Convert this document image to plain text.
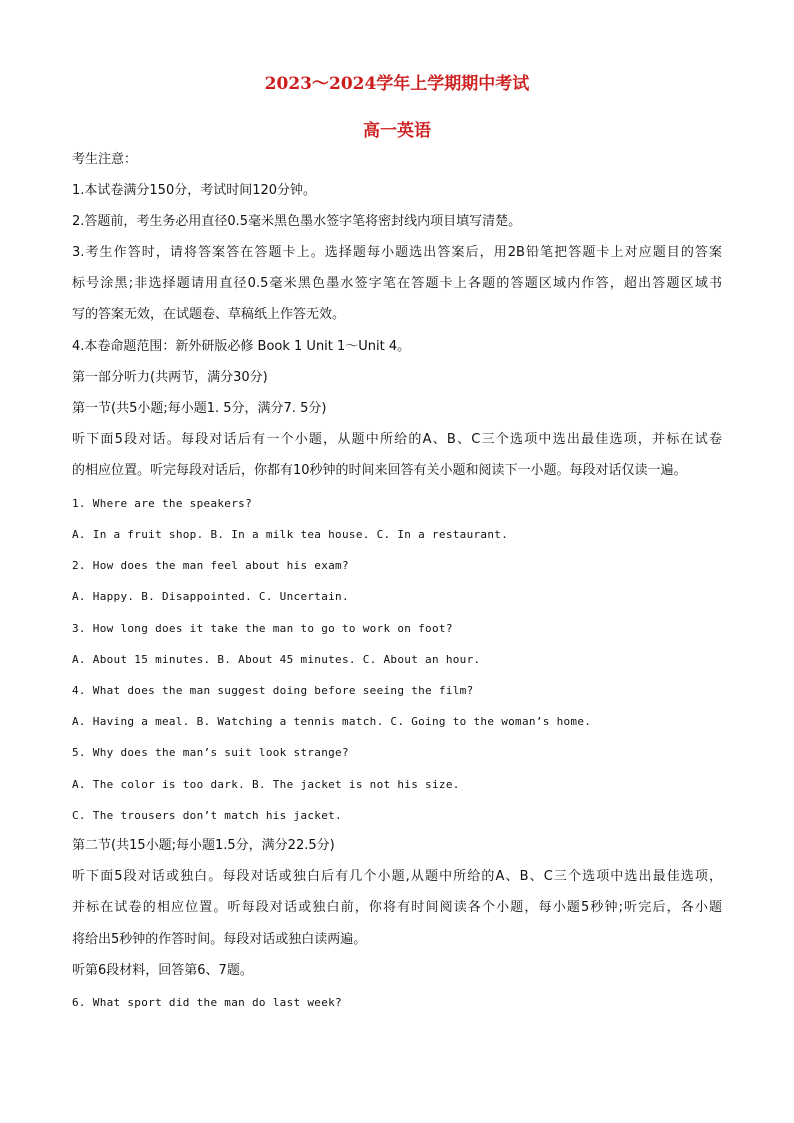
2023～2024学年上学期期中考试
高一英语
考生注意：
1.本试卷满分150分，考试时间120分钟。
2.答题前，考生务必用直径0.5毫米黑色墨水签字笔将密封线内项目填写清楚。
3.考生作答时，请将答案答在答题卡上。选择题每小题选出答案后，用2B铅笔把答题卡上对应题目的答案
标号涂黑;非选择题请用直径0.5毫米黑色墨水签字笔在答题卡上各题的答题区域内作答，超出答题区域书
写的答案无效，在试题卷、草稿纸上作答无效。
4.本卷命题范围：新外研版必修 Book 1 Unit 1～Unit 4。
第一部分听力(共两节，满分30分)
第一节(共5小题;每小题1. 5分，满分7. 5分)
听下面5段对话。每段对话后有一个小题，从题中所给的A、B、C三个选项中选出最佳选项，并标在试卷
的相应位置。听完每段对话后，你都有10秒钟的时间来回答有关小题和阅读下一小题。每段对话仅读一遍。
1. Where are the speakers?
A. In a fruit shop. B. In a milk tea house. C. In a restaurant.
2. How does the man feel about his exam?
A. Happy. B. Disappointed. C. Uncertain.
3. How long does it take the man to go to work on foot?
A. About 15 minutes. B. About 45 minutes. C. About an hour.
4. What does the man suggest doing before seeing the film?
A. Having a meal. B. Watching a tennis match. C. Going to the woman’s home.
5. Why does the man’s suit look strange?
A. The color is too dark. B. The jacket is not his size.
C. The trousers don’t match his jacket.
第二节(共15小题;每小题1.5分，满分22.5分)
听下面5段对话或独白。每段对话或独白后有几个小题,从题中所给的A、B、C三个选项中选出最佳选项，
并标在试卷的相应位置。听每段对话或独白前，你将有时间阅读各个小题，每小题5秒钟;听完后，各小题
将给出5秒钟的作答时间。每段对话或独白读两遍。
听第6段材料，回答第6、7题。
6. What sport did the man do last week?
